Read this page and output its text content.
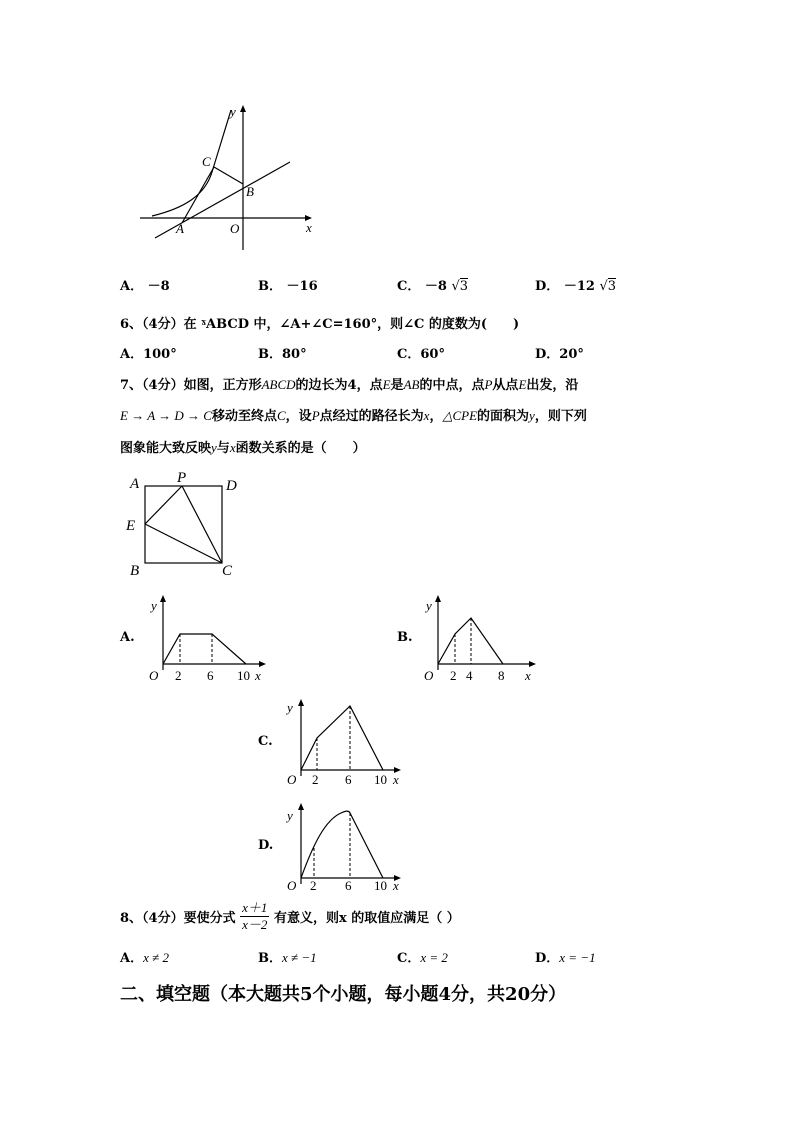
y
x
C
B
A	O
A． －8	B． －16	C． －8 √3	D． －12 √3
6、（4分）在 ˠABCD 中，∠A+∠C=160°，则∠C 的度数为(　　)
A．100°	B．80°	C．60°	D．20°
7、（4分）如图，正方形ABCD的边长为4，点E是AB的中点，点P从点E出发，沿
E → A → D → C移动至终点C，设P点经过的路径长为x，△CPE的面积为y，则下列
图象能大致反映y与x函数关系的是（　　）
A	P	D
E
B	C
A.
y
O 2 6 10 x
B.
y
O 2 4 8 x
C.
y
O 2 6 10 x
D.
y
O 2 6 10 x
8、（4分）要使分式 $\frac{x+1}{x-2}$ 有意义，则x 的取值应满足（ ）
A．x ≠ 2	B．x ≠ −1	C．x = 2	D．x = −1
二、填空题（本大题共5个小题，每小题4分，共20分）
